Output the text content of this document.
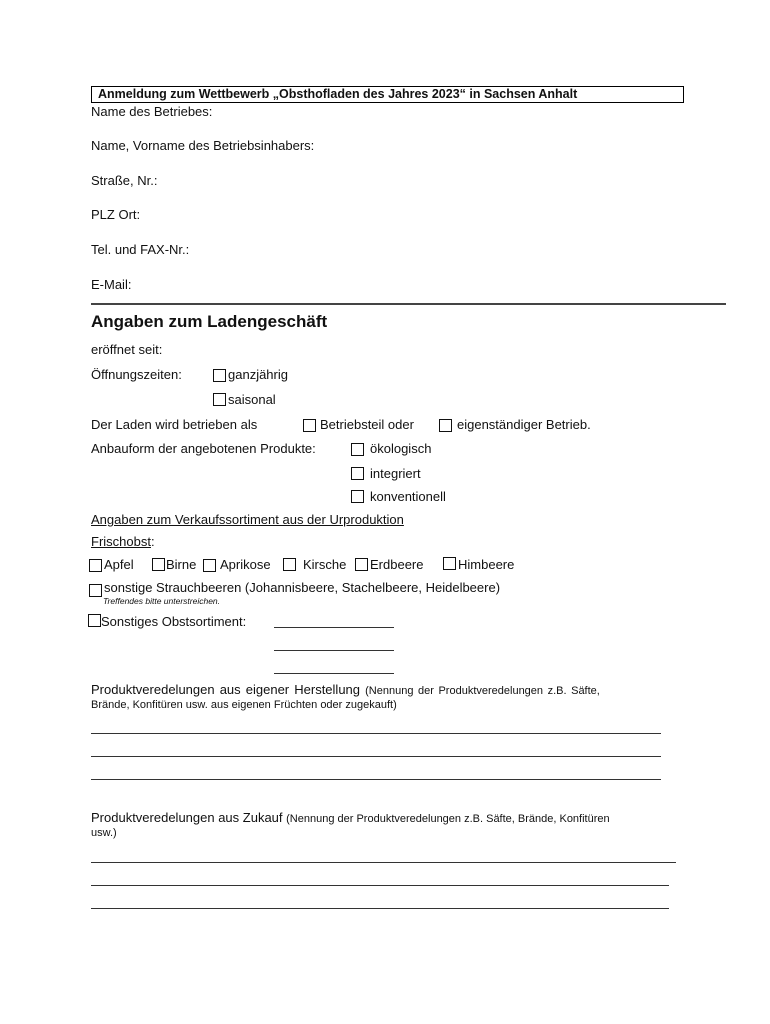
Anmeldung zum Wettbewerb „Obsthofladen des Jahres 2023“ in Sachsen Anhalt
Name des Betriebes:
Name, Vorname des Betriebsinhabers:
Straße, Nr.:
PLZ Ort:
Tel. und FAX-Nr.:
E-Mail:
Angaben zum Ladengeschäft
eröffnet seit:
Öffnungszeiten:	ganzjährig
saisonal
Der Laden wird betrieben als	Betriebsteil oder	eigenständiger Betrieb.
Anbauform der angebotenen Produkte:	ökologisch
integriert
konventionell
Angaben zum Verkaufssortiment aus der Urproduktion
Frischobst:
Apfel Birne Aprikose Kirsche Erdbeere	Himbeere
sonstige Strauchbeeren (Johannisbeere, Stachelbeere, Heidelbeere)
Treffendes bitte unterstreichen.
Sonstiges Obstsortiment:
Produktveredelungen aus eigener Herstellung (Nennung der Produktveredelungen z.B. Säfte,
Brände, Konfitüren usw. aus eigenen Früchten oder zugekauft)
Produktveredelungen aus Zukauf (Nennung der Produktveredelungen z.B. Säfte, Brände, Konfitüren
usw.)
